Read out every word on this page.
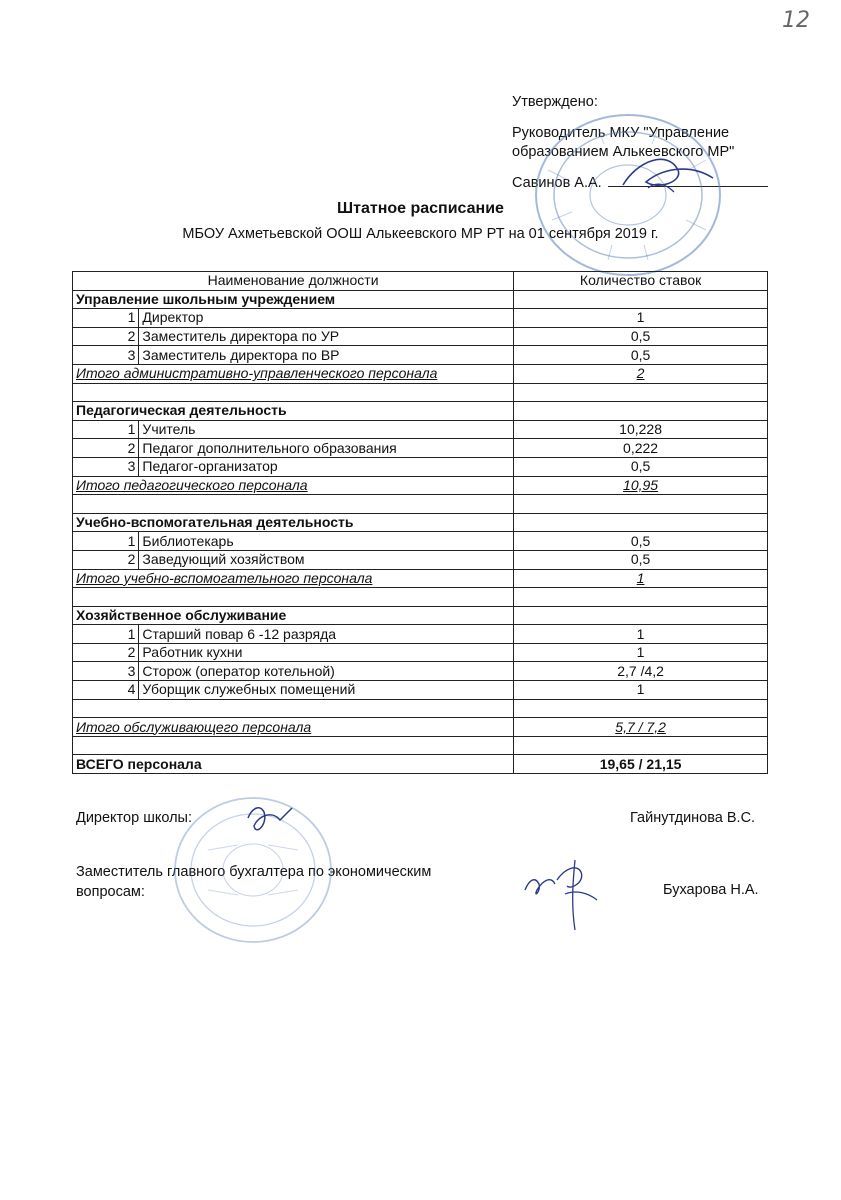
12
Утверждено:
Руководитель МКУ "Управление
образованием Алькеевского МР"
Савинов А.А.
Штатное расписание
МБОУ Ахметьевской ООШ Алькеевского МР РТ на 01 сентября 2019 г.
Наименование должности		Количество ставок
Управление школьным учреждением		
1	Директор	1
2	Заместитель директора по УР	0,5
3	Заместитель директора по ВР	0,5
Итого административно-управленческого персонала		2

Педагогическая деятельность		
1	Учитель	10,228
2	Педагог дополнительного образования	0,222
3	Педагог-организатор	0,5
Итого педагогического персонала		10,95

Учебно-вспомогательная деятельность		
1	Библиотекарь	0,5
2	Заведующий хозяйством	0,5
Итого учебно-вспомогательного персонала		1

Хозяйственное обслуживание		
1	Старший повар 6 -12 разряда	1
2	Работник кухни	1
3	Сторож (оператор котельной)	2,7 /4,2
4	Уборщик служебных помещений	1

Итого обслуживающего персонала		5,7 / 7,2

ВСЕГО персонала		19,65 / 21,15
Директор школы:	Гайнутдинова В.С.
Заместитель главного бухгалтера по экономическим
вопросам:	Бухарова Н.А.
